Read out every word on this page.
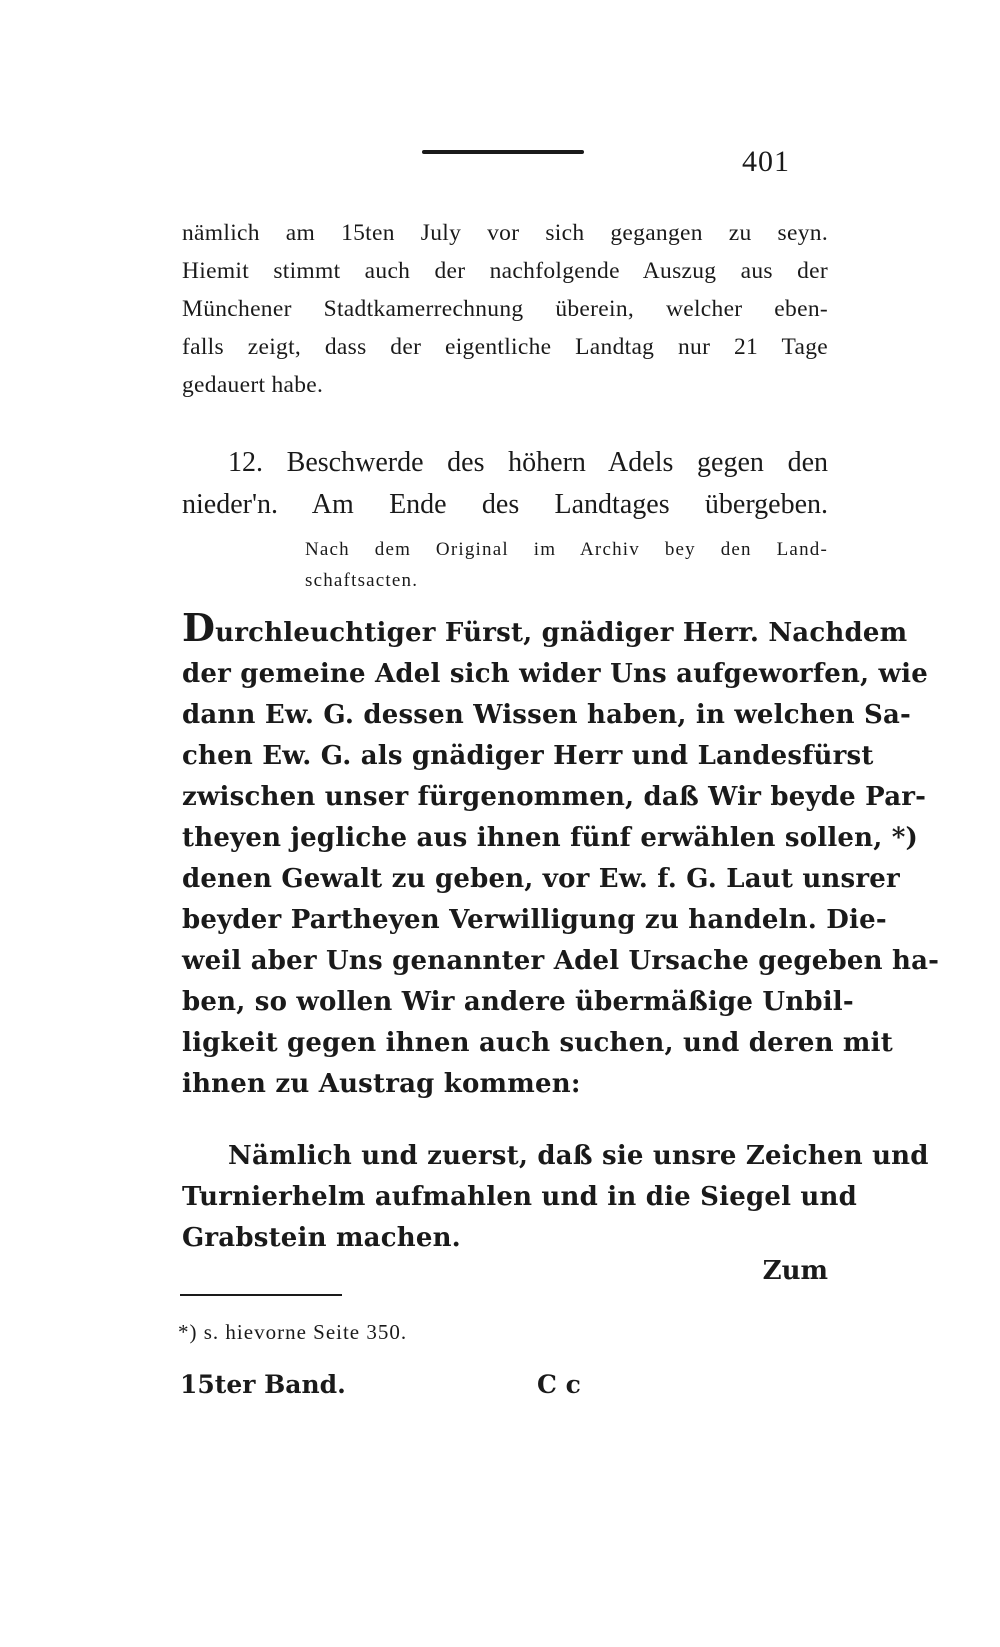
401

nämlich am 15ten July vor sich gegangen zu seyn.
Hiemit stimmt auch der nachfolgende Auszug aus der
Münchener Stadtkamerrechnung überein, welcher eben-
falls zeigt, dass der eigentliche Landtag nur 21 Tage
gedauert habe.

12. Beschwerde des höhern Adels gegen den
nieder'n. Am Ende des Landtages übergeben.

Nach dem Original im Archiv bey den Land-
schaftsacten.

Durchleuchtiger Fürst, gnädiger Herr. Nachdem
der gemeine Adel sich wider Uns aufgeworfen, wie
dann Ew. G. dessen Wissen haben, in welchen Sa-
chen Ew. G. als gnädiger Herr und Landesfürst
zwischen unser fürgenommen, daß Wir beyde Par-
theyen jegliche aus ihnen fünf erwählen sollen, *)
denen Gewalt zu geben, vor Ew. f. G. Laut unsrer
beyder Partheyen Verwilligung zu handeln. Die-
weil aber Uns genannter Adel Ursache gegeben ha-
ben, so wollen Wir andere übermäßige Unbil-
ligkeit gegen ihnen auch suchen, und deren mit
ihnen zu Austrag kommen:

Nämlich und zuerst, daß sie unsre Zeichen und
Turnierhelm aufmahlen und in die Siegel und
Grabstein machen.

Zum
*) s. hievorne Seite 350.
15ter Band.	C c
